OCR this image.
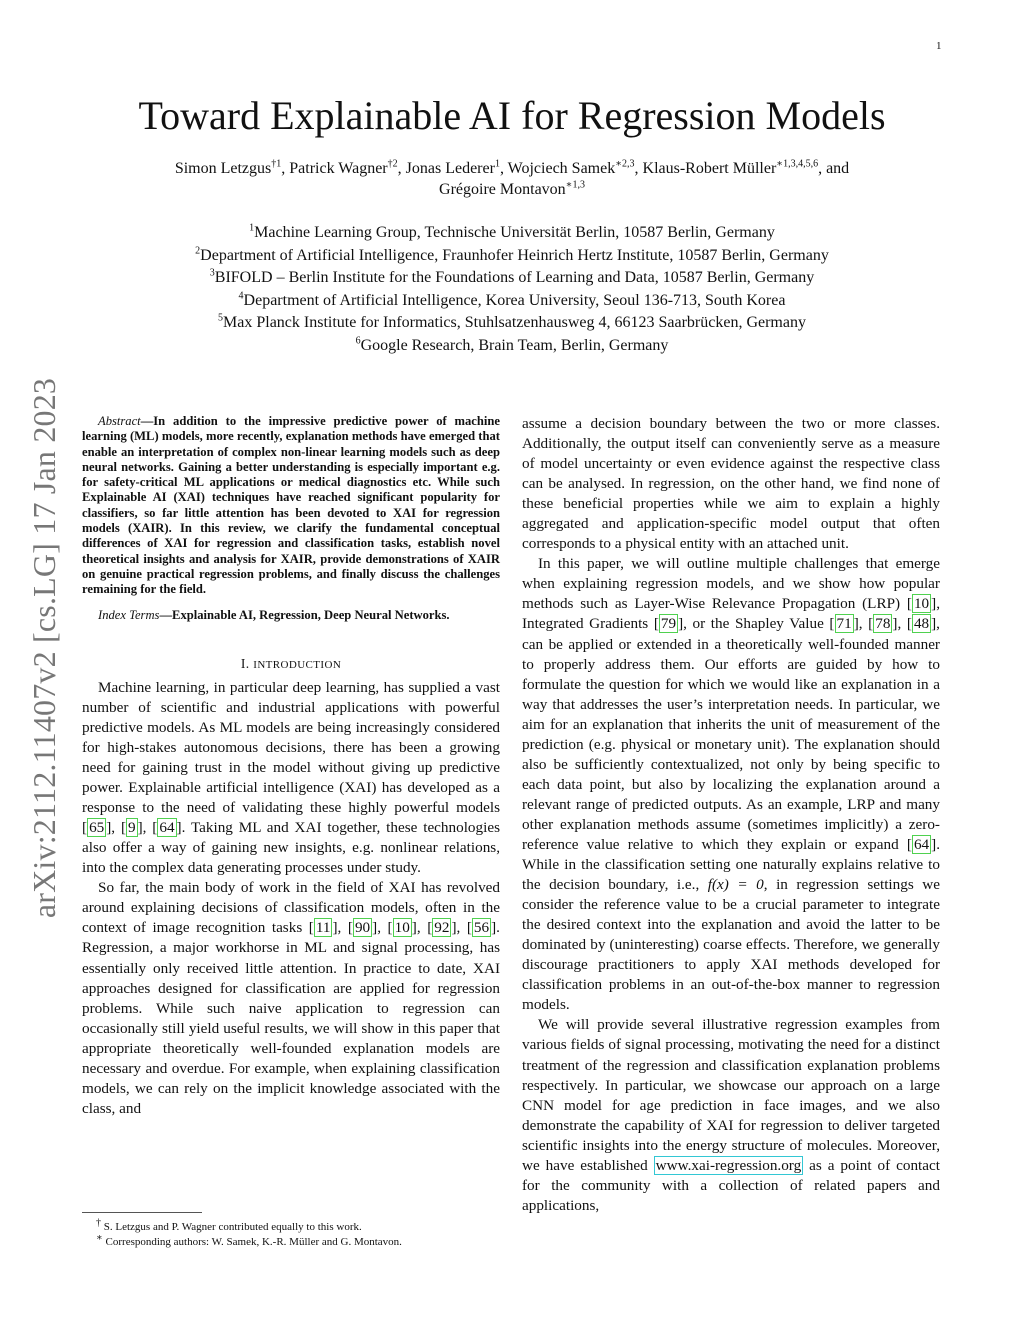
1
arXiv:2112.11407v2 [cs.LG] 17 Jan 2023
Toward Explainable AI for Regression Models
Simon Letzgus$^{\dagger 1}$, Patrick Wagner$^{\dagger 2}$, Jonas Lederer$^1$, Wojciech Samek$^{∗2,3}$, Klaus-Robert Müller$^{∗1,3,4,5,6}$, and
Grégoire Montavon$^{∗1,3}$
$^1$Machine Learning Group, Technische Universität Berlin, 10587 Berlin, Germany
$^2$Department of Artificial Intelligence, Fraunhofer Heinrich Hertz Institute, 10587 Berlin, Germany
$^3$BIFOLD – Berlin Institute for the Foundations of Learning and Data, 10587 Berlin, Germany
$^4$Department of Artificial Intelligence, Korea University, Seoul 136-713, South Korea
$^5$Max Planck Institute for Informatics, Stuhlsatzenhausweg 4, 66123 Saarbrücken, Germany
$^6$Google Research, Brain Team, Berlin, Germany

Abstract—In addition to the impressive predictive power of machine learning (ML) models, more recently, explanation methods have emerged that enable an interpretation of complex non-linear learning models such as deep neural networks. Gaining a better understanding is especially important e.g. for safety-critical ML applications or medical diagnostics etc. While such Explainable AI (XAI) techniques have reached significant popularity for classifiers, so far little attention has been devoted to XAI for regression models (XAIR). In this review, we clarify the fundamental conceptual differences of XAI for regression and classification tasks, establish novel theoretical insights and analysis for XAIR, provide demonstrations of XAIR on genuine practical regression problems, and finally discuss the challenges remaining for the field.

Index Terms—Explainable AI, Regression, Deep Neural Networks.

I. INTRODUCTION

Machine learning, in particular deep learning, has supplied a vast number of scientific and industrial applications with powerful predictive models. As ML models are being increasingly considered for high-stakes autonomous decisions, there has been a growing need for gaining trust in the model without giving up predictive power. Explainable artificial intelligence (XAI) has developed as a response to the need of validating these highly powerful models [ 65 ], [ 9 ], [ 64 ]. Taking ML and XAI together, these technologies also offer a way of gaining new insights, e.g. nonlinear relations, into the complex data generating processes under study.

So far, the main body of work in the field of XAI has revolved around explaining decisions of classification models, often in the context of image recognition tasks [ 11 ], [ 90 ], [ 10 ], [ 92 ], [ 56 ]. Regression, a major workhorse in ML and signal processing, has essentially only received little attention. In practice to date, XAI approaches designed for classification are applied for regression problems. While such naive application to regression can occasionally still yield useful results, we will show in this paper that appropriate theoretically well-founded explanation models are necessary and overdue. For example, when explaining classification models, we can rely on the implicit knowledge associated with the class, and

† S. Letzgus and P. Wagner contributed equally to this work.
∗ Corresponding authors: W. Samek, K.-R. Müller and G. Montavon.

assume a decision boundary between the two or more classes. Additionally, the output itself can conveniently serve as a measure of model uncertainty or even evidence against the respective class can be analysed. In regression, on the other hand, we find none of these beneficial properties while we aim to explain a highly aggregated and application-specific model output that often corresponds to a physical entity with an attached unit.

In this paper, we will outline multiple challenges that emerge when explaining regression models, and we show how popular methods such as Layer-Wise Relevance Propagation (LRP) [ 10 ], Integrated Gradients [ 79 ], or the Shapley Value [ 71 ], [ 78 ], [ 48 ], can be applied or extended in a theoretically well-founded manner to properly address them. Our efforts are guided by how to formulate the question for which we would like an explanation in a way that addresses the user’s interpretation needs. In particular, we aim for an explanation that inherits the unit of measurement of the prediction (e.g. physical or monetary unit). The explanation should also be sufficiently contextualized, not only by being specific to each data point, but also by localizing the explanation around a relevant range of predicted outputs. As an example, LRP and many other explanation methods assume (sometimes implicitly) a zero-reference value relative to which they explain or expand [ 64 ]. While in the classification setting one naturally explains relative to the decision boundary, i.e., f(x) = 0, in regression settings we consider the reference value to be a crucial parameter to integrate the desired context into the explanation and avoid the latter to be dominated by (uninteresting) coarse effects. Therefore, we generally discourage practitioners to apply XAI methods developed for classification problems in an out-of-the-box manner to regression models.

We will provide several illustrative regression examples from various fields of signal processing, motivating the need for a distinct treatment of the regression and classification explanation problems respectively. In particular, we showcase our approach on a large CNN model for age prediction in face images, and we also demonstrate the capability of XAI for regression to deliver targeted scientific insights into the energy structure of molecules. Moreover, we have established www.xai-regression.org as a point of contact for the community with a collection of related papers and applications,
